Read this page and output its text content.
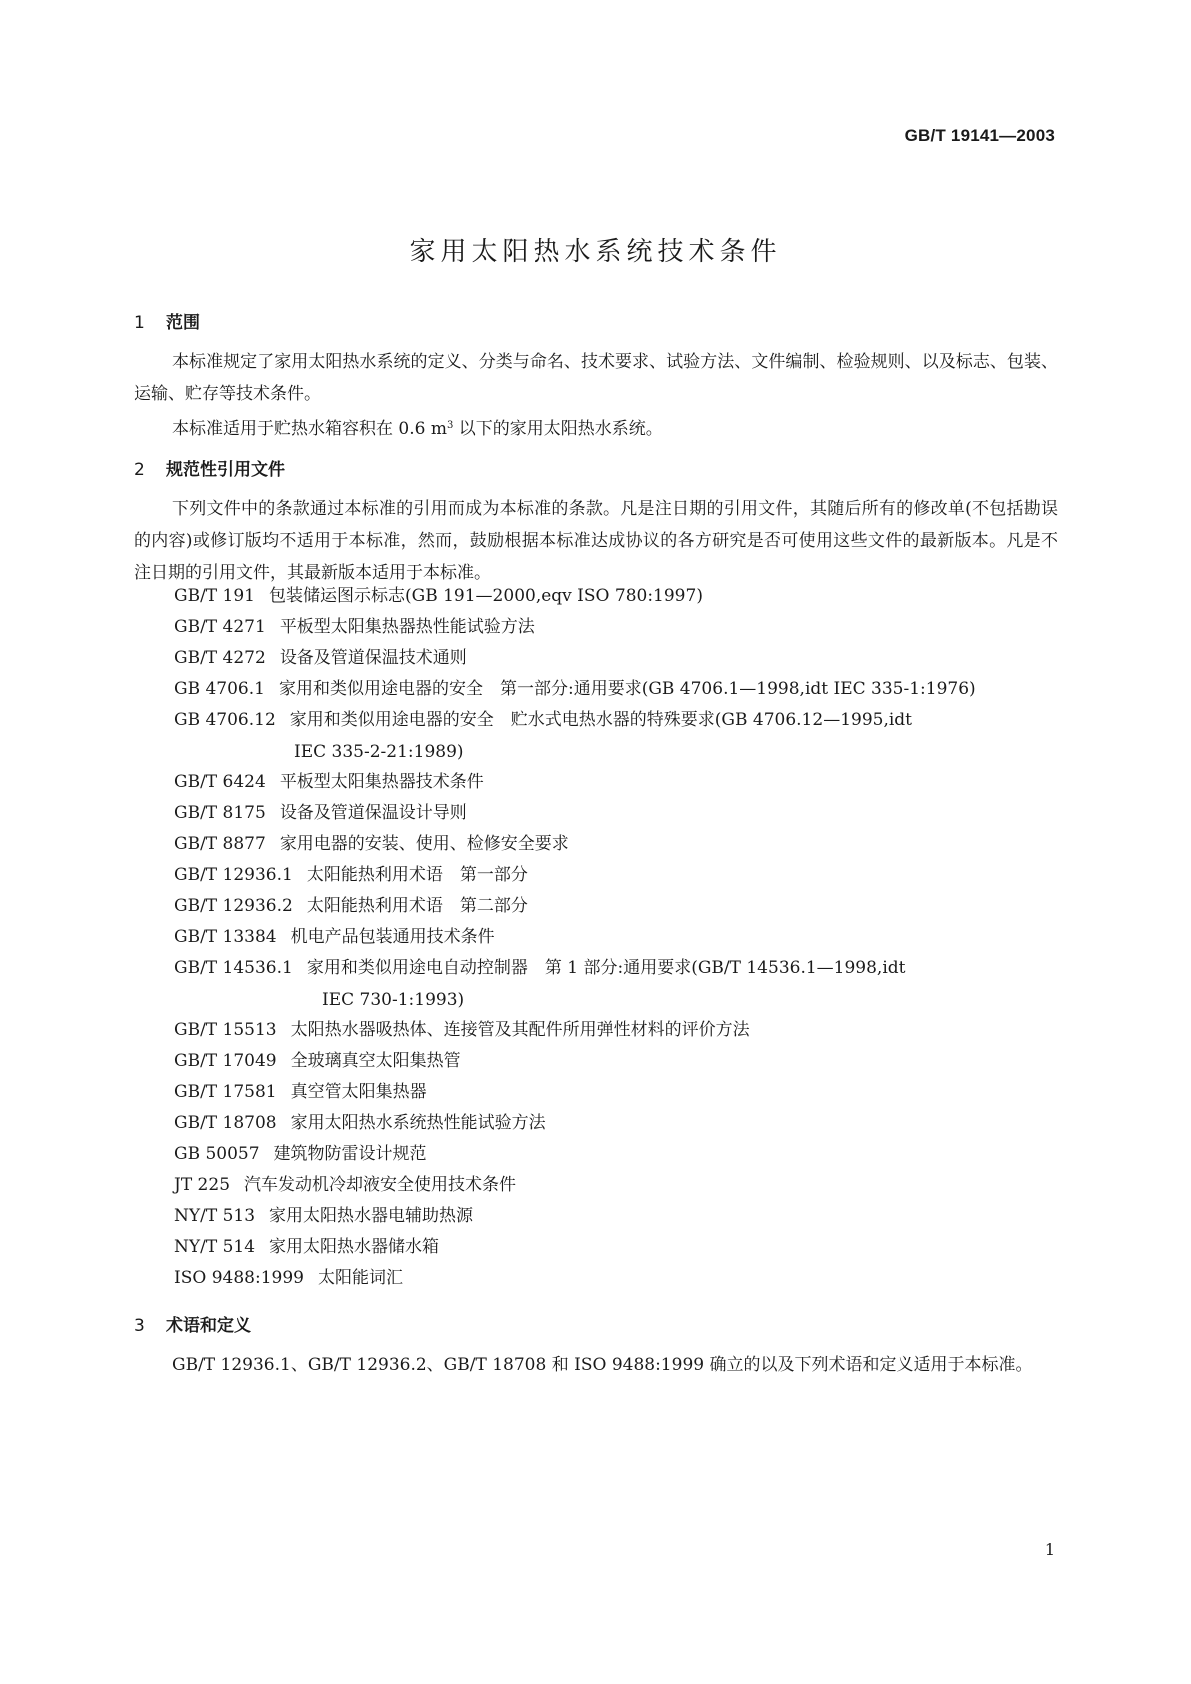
GB/T 19141—2003
家用太阳热水系统技术条件
1 范围

本标准规定了家用太阳热水系统的定义、分类与命名、技术要求、试验方法、文件编制、检验规则、以及标志、包装、运输、贮存等技术条件。

本标准适用于贮热水箱容积在 0.6 $m^3$ 以下的家用太阳热水系统。

2 规范性引用文件

下列文件中的条款通过本标准的引用而成为本标准的条款。凡是注日期的引用文件，其随后所有的修改单(不包括勘误的内容)或修订版均不适用于本标准，然而，鼓励根据本标准达成协议的各方研究是否可使用这些文件的最新版本。凡是不注日期的引用文件，其最新版本适用于本标准。

GB/T 191 包装储运图示标志(GB 191—2000,eqv ISO 780:1997)
GB/T 4271 平板型太阳集热器热性能试验方法
GB/T 4272 设备及管道保温技术通则
GB 4706.1 家用和类似用途电器的安全　第一部分:通用要求(GB 4706.1—1998,idt IEC 335-1:1976)
GB 4706.12 家用和类似用途电器的安全　贮水式电热水器的特殊要求(GB 4706.12—1995,idt
IEC 335-2-21:1989)
GB/T 6424 平板型太阳集热器技术条件
GB/T 8175 设备及管道保温设计导则
GB/T 8877 家用电器的安装、使用、检修安全要求
GB/T 12936.1 太阳能热利用术语　第一部分
GB/T 12936.2 太阳能热利用术语　第二部分
GB/T 13384 机电产品包装通用技术条件
GB/T 14536.1 家用和类似用途电自动控制器　第 1 部分:通用要求(GB/T 14536.1—1998,idt
IEC 730-1:1993)
GB/T 15513 太阳热水器吸热体、连接管及其配件所用弹性材料的评价方法
GB/T 17049 全玻璃真空太阳集热管
GB/T 17581 真空管太阳集热器
GB/T 18708 家用太阳热水系统热性能试验方法
GB 50057 建筑物防雷设计规范
JT 225 汽车发动机冷却液安全使用技术条件
NY/T 513 家用太阳热水器电辅助热源
NY/T 514 家用太阳热水器储水箱
ISO 9488:1999 太阳能词汇
3 术语和定义

GB/T 12936.1、GB/T 12936.2、GB/T 18708 和 ISO 9488:1999 确立的以及下列术语和定义适用于本标准。

1
